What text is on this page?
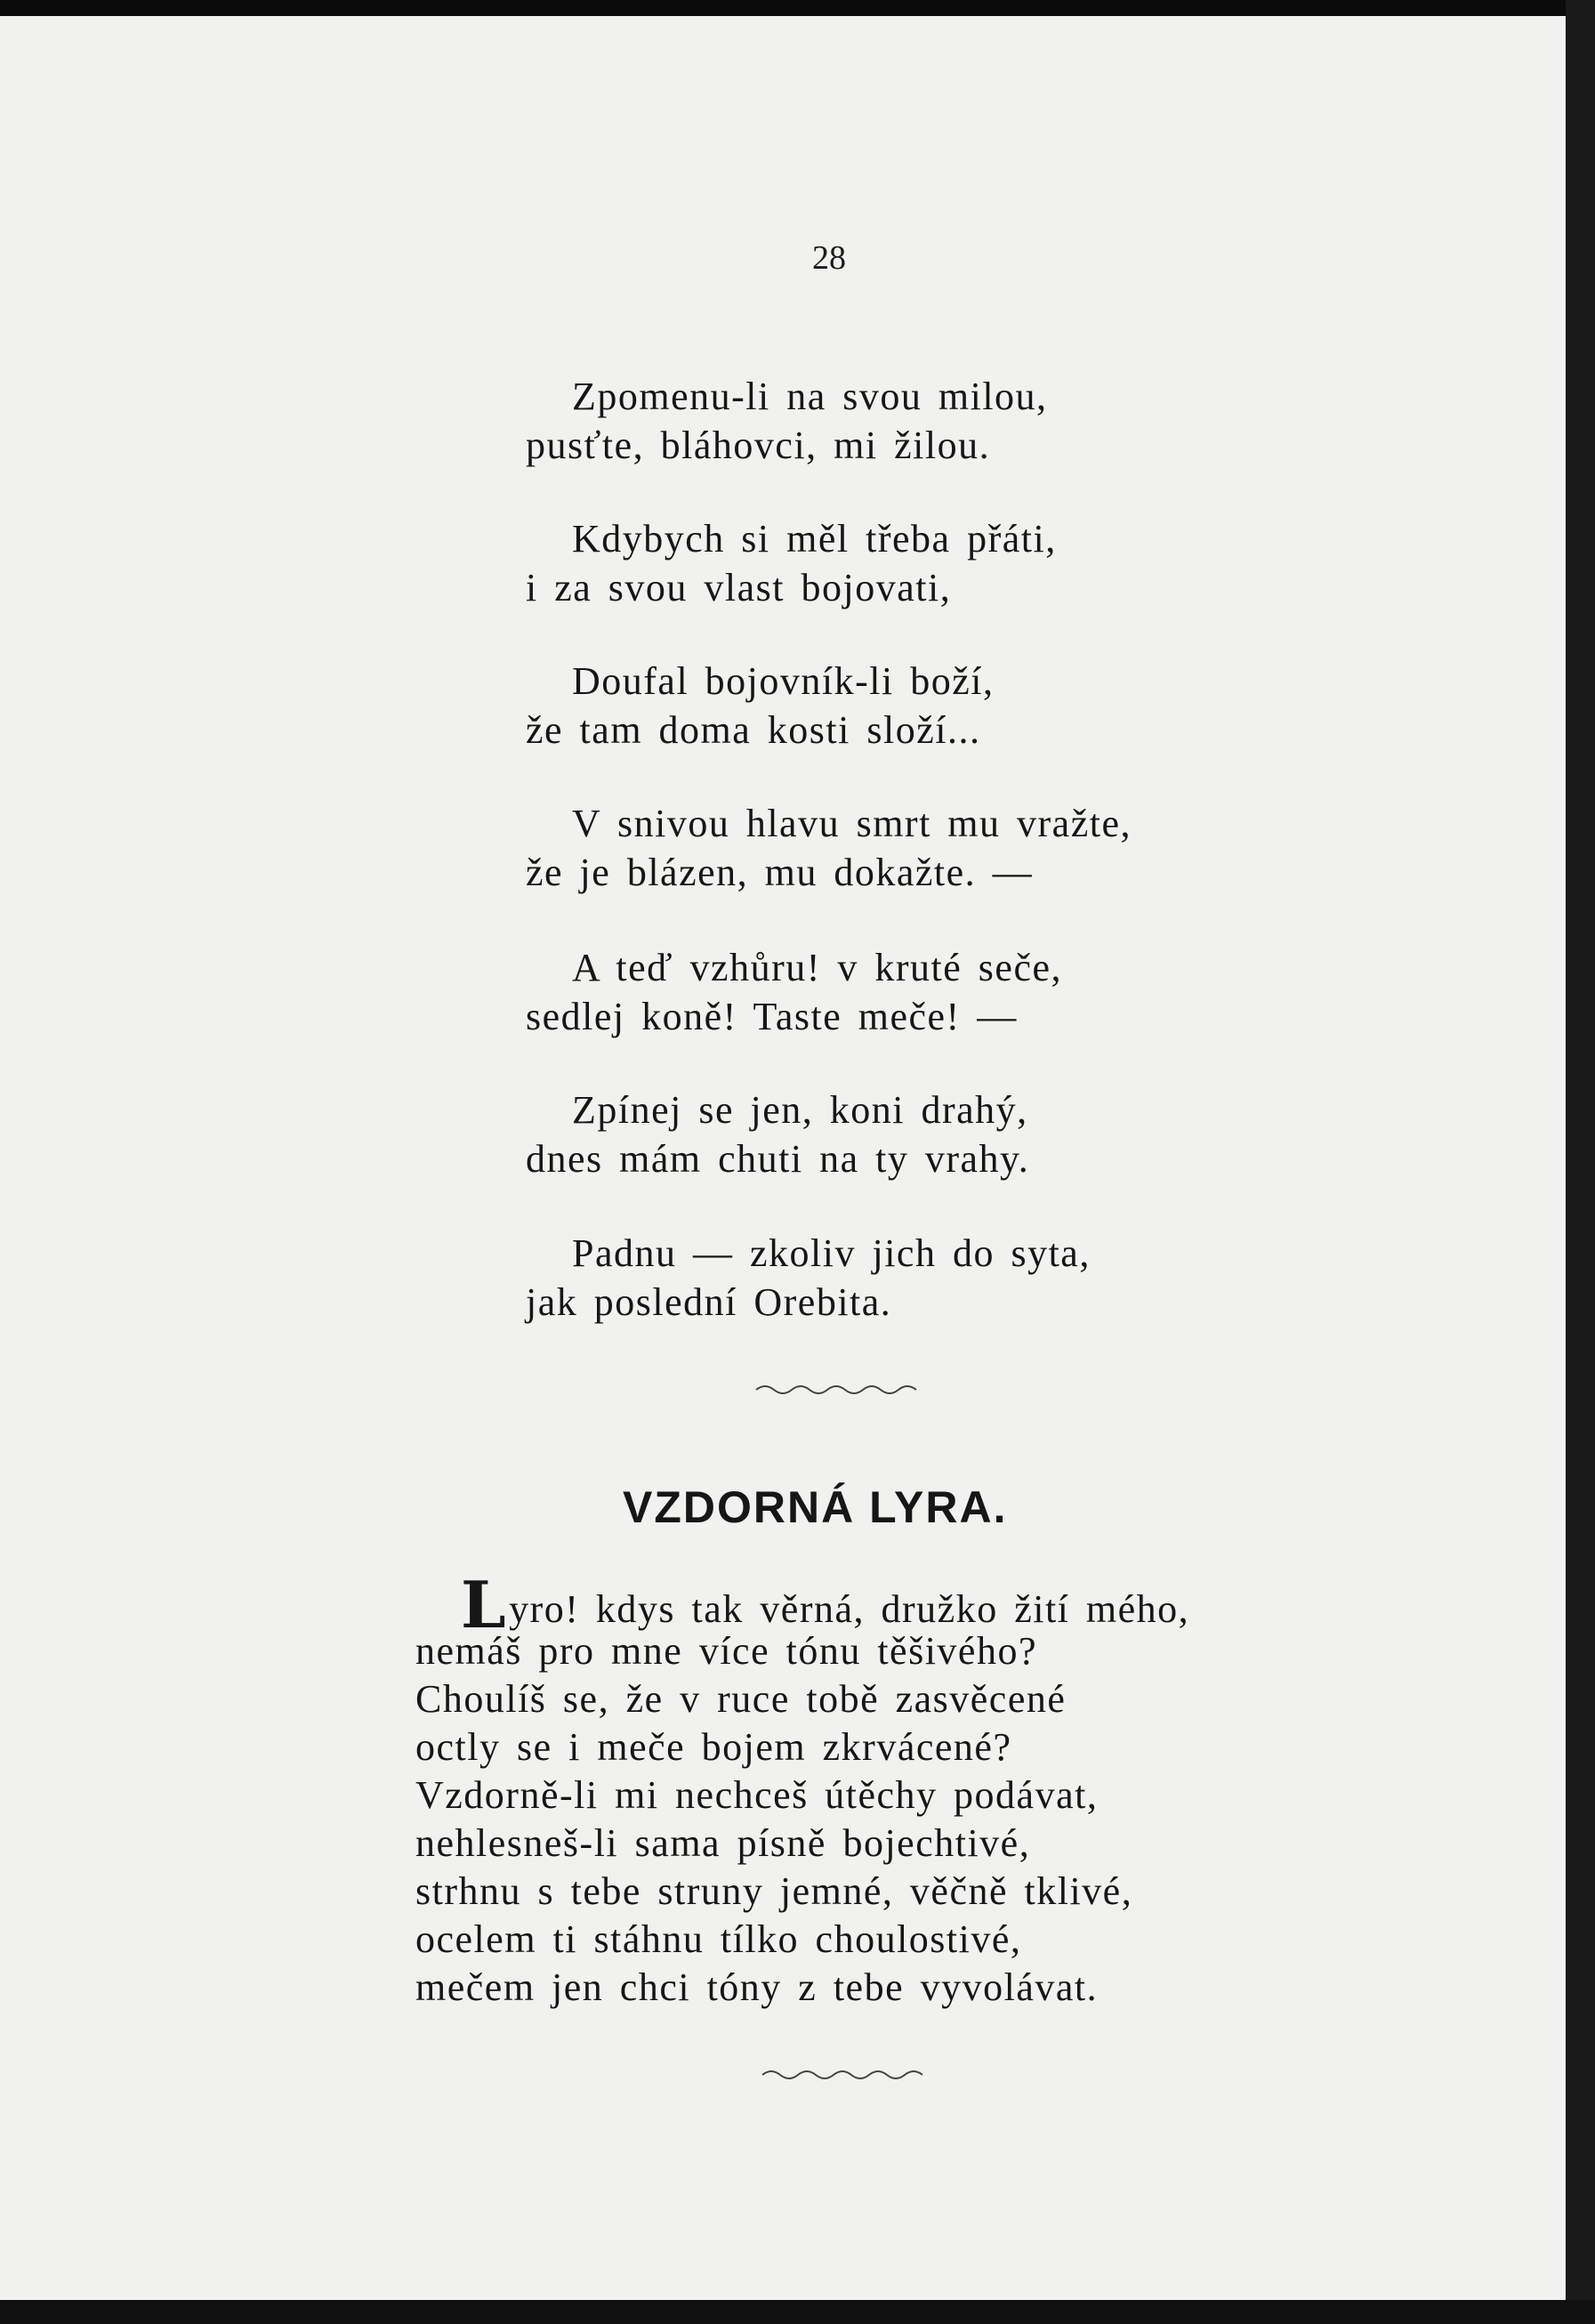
28
Zpomenu-li na svou milou,
pusťte, bláhovci, mi žilou.
Kdybych si měl třeba přáti,
i za svou vlast bojovati,
Doufal bojovník-li boží,
že tam doma kosti složí...
V snivou hlavu smrt mu vražte,
že je blázen, mu dokažte. —
A teď vzhůru! v kruté seče,
sedlej koně! Taste meče! —
Zpínej se jen, koni drahý,
dnes mám chuti na ty vrahy.
Padnu — zkoliv jich do syta,
jak poslední Orebita.
VZDORNÁ LYRA.
Lyro! kdys tak věrná, družko žití mého,
nemáš pro mne více tónu těšivého?
Choulíš se, že v ruce tobě zasvěcené
octly se i meče bojem zkrvácené?
Vzdorně-li mi nechceš útěchy podávat,
nehlesneš-li sama písně bojechtivé,
strhnu s tebe struny jemné, věčně tklivé,
ocelem ti stáhnu tílko choulostivé,
mečem jen chci tóny z tebe vyvolávat.
